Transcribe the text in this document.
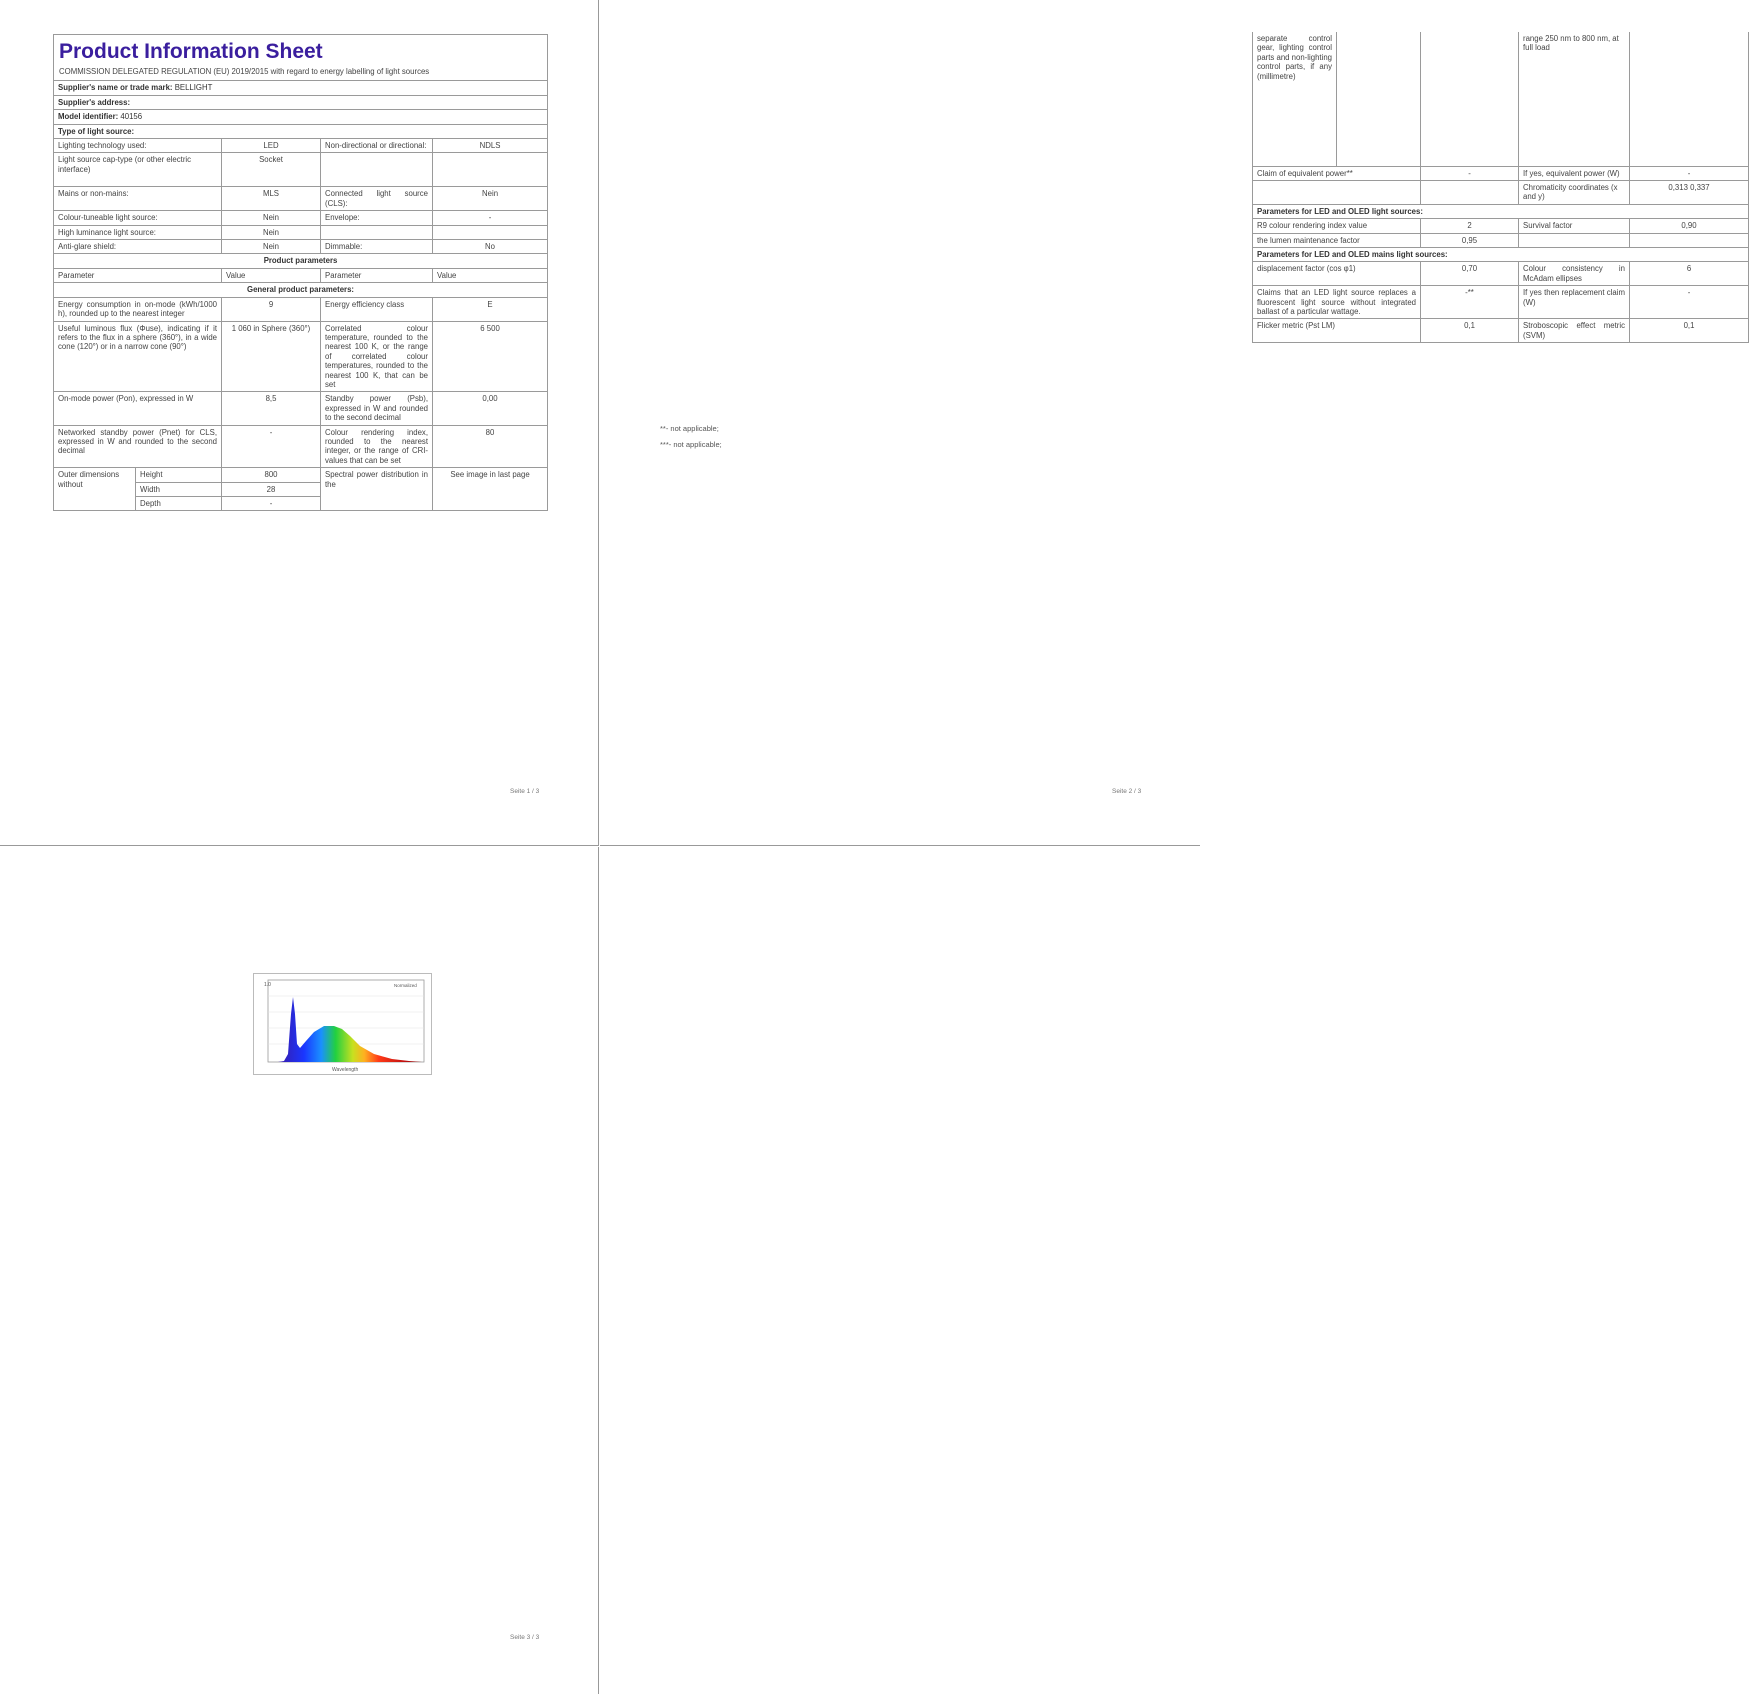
Product Information Sheet
COMMISSION DELEGATED REGULATION (EU) 2019/2015 with regard to energy labelling of light sources				

Supplier's name or trade mark: BELLIGHT				
Supplier's address:				
Model identifier: 40156				
Type of light source:				
Lighting technology used:		LED	Non-directional or directional:	NDLS
Light source cap-type (or other electric interface)		Socket		
Mains or non-mains:		MLS	Connected light source (CLS):	Nein
Colour-tuneable light source:		Nein	Envelope:	-
High luminance light source:		Nein		
Anti-glare shield:		Nein	Dimmable:	No
Product parameters				
Parameter		Value	Parameter	Value
General product parameters:				
Energy consumption in on-mode (kWh/1000 h), rounded up to the nearest integer		9	Energy efficiency class	E
Useful luminous flux (Φuse), indicating if it refers to the flux in a sphere (360°), in a wide cone (120°) or in a narrow cone (90°)		1 060 in Sphere (360°)	Correlated colour temperature, rounded to the nearest 100 K, or the range of correlated colour temperatures, rounded to the nearest 100 K, that can be set	6 500
On-mode power (Pon), expressed in W		8,5	Standby power (Psb), expressed in W and rounded to the second decimal	0,00
Networked standby power (Pnet) for CLS, expressed in W and rounded to the second decimal		-	Colour rendering index, rounded to the nearest integer, or the range of CRI-values that can be set	80
Outer dimensions without	Height	800	Spectral power distribution in the	See image in last page
	Width	28		
	Depth	-		
Seite 1 / 3
separate control gear, lighting control parts and non-lighting control parts, if any (millimetre)			range 250 nm to 800 nm, at full load	
Claim of equivalent power**		-	If yes, equivalent power (W)	-
			Chromaticity coordinates (x and y)	0,313 0,337
Parameters for LED and OLED light sources:				
R9 colour rendering index value		2	Survival factor	0,90
the lumen maintenance factor		0,95		
Parameters for LED and OLED mains light sources:				
displacement factor (cos φ1)		0,70	Colour consistency in McAdam ellipses	6
Claims that an LED light source replaces a fluorescent light source without integrated ballast of a particular wattage.		-**	If yes then replacement claim (W)	-
Flicker metric (Pst LM)		0,1	Stroboscopic effect metric (SVM)	0,1
**- not applicable;
***- not applicable;
Seite 2 / 3
Seite 3 / 3
1.0	Normalized
Wavelength
